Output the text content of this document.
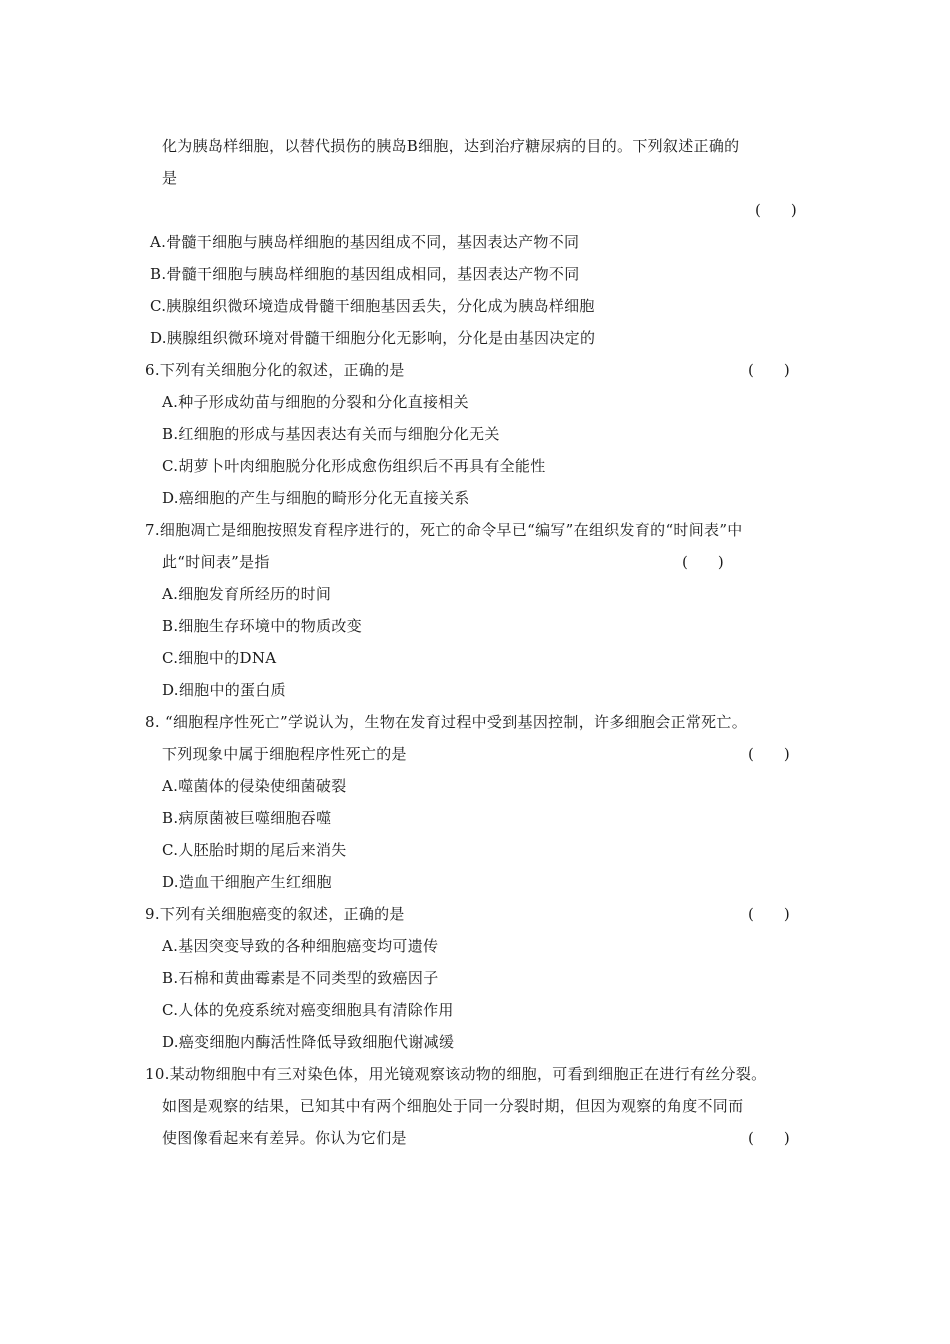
化为胰岛样细胞，以替代损伤的胰岛B细胞，达到治疗糖尿病的目的。下列叙述正确的
是
(　　)
A.骨髓干细胞与胰岛样细胞的基因组成不同，基因表达产物不同
B.骨髓干细胞与胰岛样细胞的基因组成相同，基因表达产物不同
C.胰腺组织微环境造成骨髓干细胞基因丢失，分化成为胰岛样细胞
D.胰腺组织微环境对骨髓干细胞分化无影响，分化是由基因决定的
6.下列有关细胞分化的叙述，正确的是	(　　)
A.种子形成幼苗与细胞的分裂和分化直接相关
B.红细胞的形成与基因表达有关而与细胞分化无关
C.胡萝卜叶肉细胞脱分化形成愈伤组织后不再具有全能性
D.癌细胞的产生与细胞的畸形分化无直接关系
7.细胞凋亡是细胞按照发育程序进行的，死亡的命令早已“编写”在组织发育的“时间表”中
此“时间表”是指	(　　)
A.细胞发育所经历的时间
B.细胞生存环境中的物质改变
C.细胞中的DNA
D.细胞中的蛋白质
8. “细胞程序性死亡”学说认为，生物在发育过程中受到基因控制，许多细胞会正常死亡。
下列现象中属于细胞程序性死亡的是	(　　)
A.噬菌体的侵染使细菌破裂
B.病原菌被巨噬细胞吞噬
C.人胚胎时期的尾后来消失
D.造血干细胞产生红细胞
9.下列有关细胞癌变的叙述，正确的是	(　　)
A.基因突变导致的各种细胞癌变均可遗传
B.石棉和黄曲霉素是不同类型的致癌因子
C.人体的免疫系统对癌变细胞具有清除作用
D.癌变细胞内酶活性降低导致细胞代谢减缓
10.某动物细胞中有三对染色体，用光镜观察该动物的细胞，可看到细胞正在进行有丝分裂。
如图是观察的结果，已知其中有两个细胞处于同一分裂时期，但因为观察的角度不同而
使图像看起来有差异。你认为它们是	(　　)
